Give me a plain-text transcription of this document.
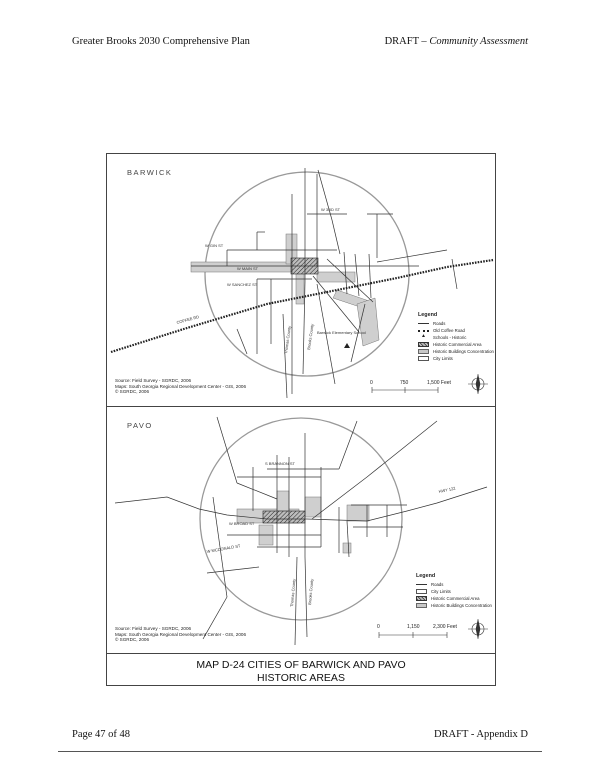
Greater Brooks 2030 Comprehensive Plan	DRAFT – Community Assessment
W GIN ST
W MAIN ST
W SANCHEZ ST
W 3RD ST
Barwick Elementary School
COFFEE RD
Thomas County	Brooks County
BARWICK
Legend
Roads
Old Coffee Road
▲
Schools - Historic
Historic Commercial Area
Historic Buildings Concentration
City Limits
0	750	1,500 Feet
Source: Field Survey - SGRDC, 2006
Maps: South Georgia Regional Development Center - GIS, 2006
© SGRDC, 2006
S BRANNON ST
W MCDONALD ST
W BROAD ST
HWY 122
Thomas County	Brooks County
PAVO
Legend
Roads
City Limits
Historic Commercial Area
Historic Buildings Concentration
0	1,150	2,300 Feet
Source: Field Survey - SGRDC, 2006
Maps: South Georgia Regional Development Center - GIS, 2006
© SGRDC, 2006
MAP D-24 CITIES OF BARWICK AND PAVO
HISTORIC AREAS
Page 47 of 48	DRAFT - Appendix D
